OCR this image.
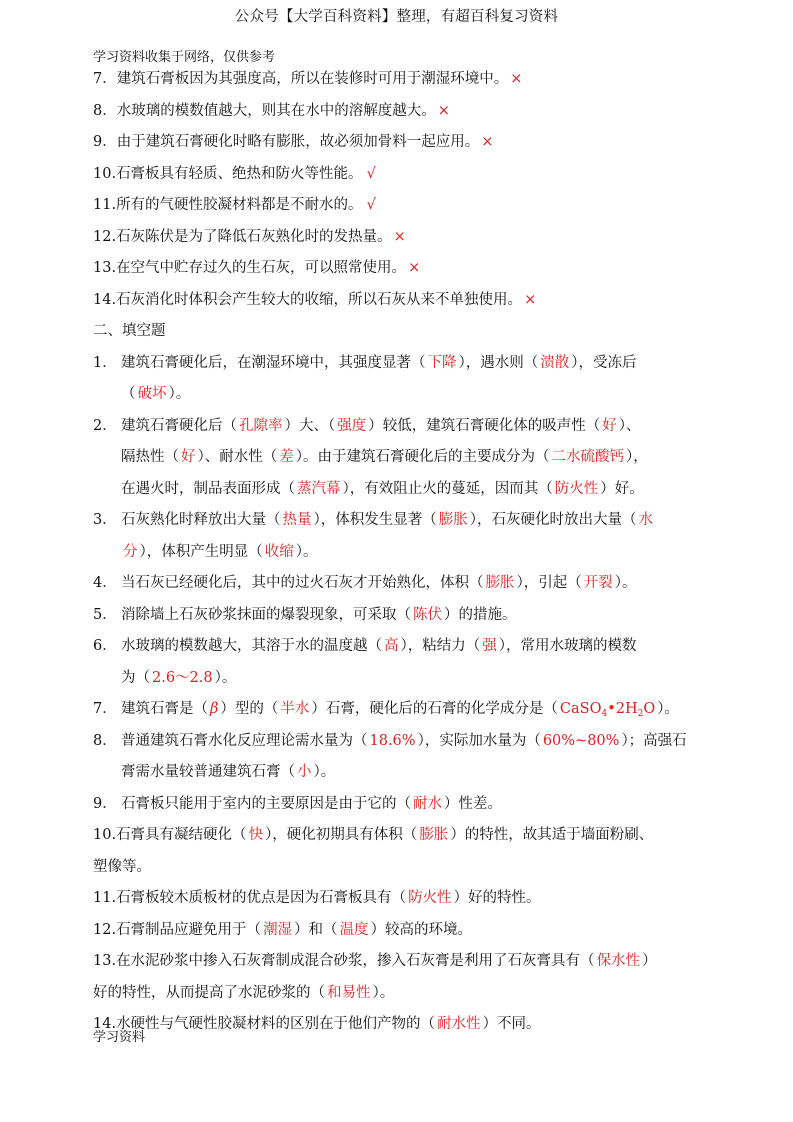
公众号【大学百科资料】整理，有超百科复习资料
学习资料收集于网络，仅供参考
7．建筑石膏板因为其强度高，所以在装修时可用于潮湿环境中。 ×
8．水玻璃的模数值越大，则其在水中的溶解度越大。 ×
9．由于建筑石膏硬化时略有膨胀，故必须加骨料一起应用。 ×
10.石膏板具有轻质、绝热和防火等性能。 √
11.所有的气硬性胶凝材料都是不耐水的。 √
12.石灰陈伏是为了降低石灰熟化时的发热量。 ×
13.在空气中贮存过久的生石灰，可以照常使用。 ×
14.石灰消化时体积会产生较大的收缩，所以石灰从来不单独使用。 ×
二、填空题
1． 建筑石膏硬化后，在潮湿环境中，其强度显著（ 下降 ），遇水则（ 溃散 ），受冻后
（ 破坏 ）。
2． 建筑石膏硬化后（ 孔隙率 ）大、（ 强度 ）较低，建筑石膏硬化体的吸声性（ 好 ）、
隔热性（ 好 ）、耐水性（ 差 ）。由于建筑石膏硬化后的主要成分为（ 二水硫酸钙 ），
在遇火时，制品表面形成（ 蒸汽幕 ），有效阻止火的蔓延，因而其（ 防火性 ）好。
3． 石灰熟化时释放出大量（ 热量 ），体积发生显著（ 膨胀 ），石灰硬化时放出大量（ 水
分 ），体积产生明显（ 收缩 ）。
4． 当石灰已经硬化后，其中的过火石灰才开始熟化，体积（ 膨胀 ），引起（ 开裂 ）。
5． 消除墙上石灰砂浆抹面的爆裂现象，可采取（ 陈伏 ）的措施。
6． 水玻璃的模数越大，其溶于水的温度越（ 高 ），粘结力（ 强 ），常用水玻璃的模数
为（ 2.6～2.8 ）。
7． 建筑石膏是（ β ）型的（ 半水 ）石膏，硬化后的石膏的化学成分是（ $CaSO_4•2H_2O$ ）。
8． 普通建筑石膏水化反应理论需水量为（ 18.6% ），实际加水量为（ 60%~80% ）；高强石
膏需水量较普通建筑石膏（ 小 ）。
9． 石膏板只能用于室内的主要原因是由于它的（ 耐水 ）性差。
10.石膏具有凝结硬化（ 快 ），硬化初期具有体积（ 膨胀 ）的特性，故其适于墙面粉刷、
塑像等。
11.石膏板较木质板材的优点是因为石膏板具有（ 防火性 ）好的特性。
12.石膏制品应避免用于（ 潮湿 ）和（ 温度 ）较高的环境。
13.在水泥砂浆中掺入石灰膏制成混合砂浆，掺入石灰膏是利用了石灰膏具有（ 保水性 ）
好的特性，从而提高了水泥砂浆的（ 和易性 ）。
14.水硬性与气硬性胶凝材料的区别在于他们产物的（ 耐水性 ）不同。
学习资料
